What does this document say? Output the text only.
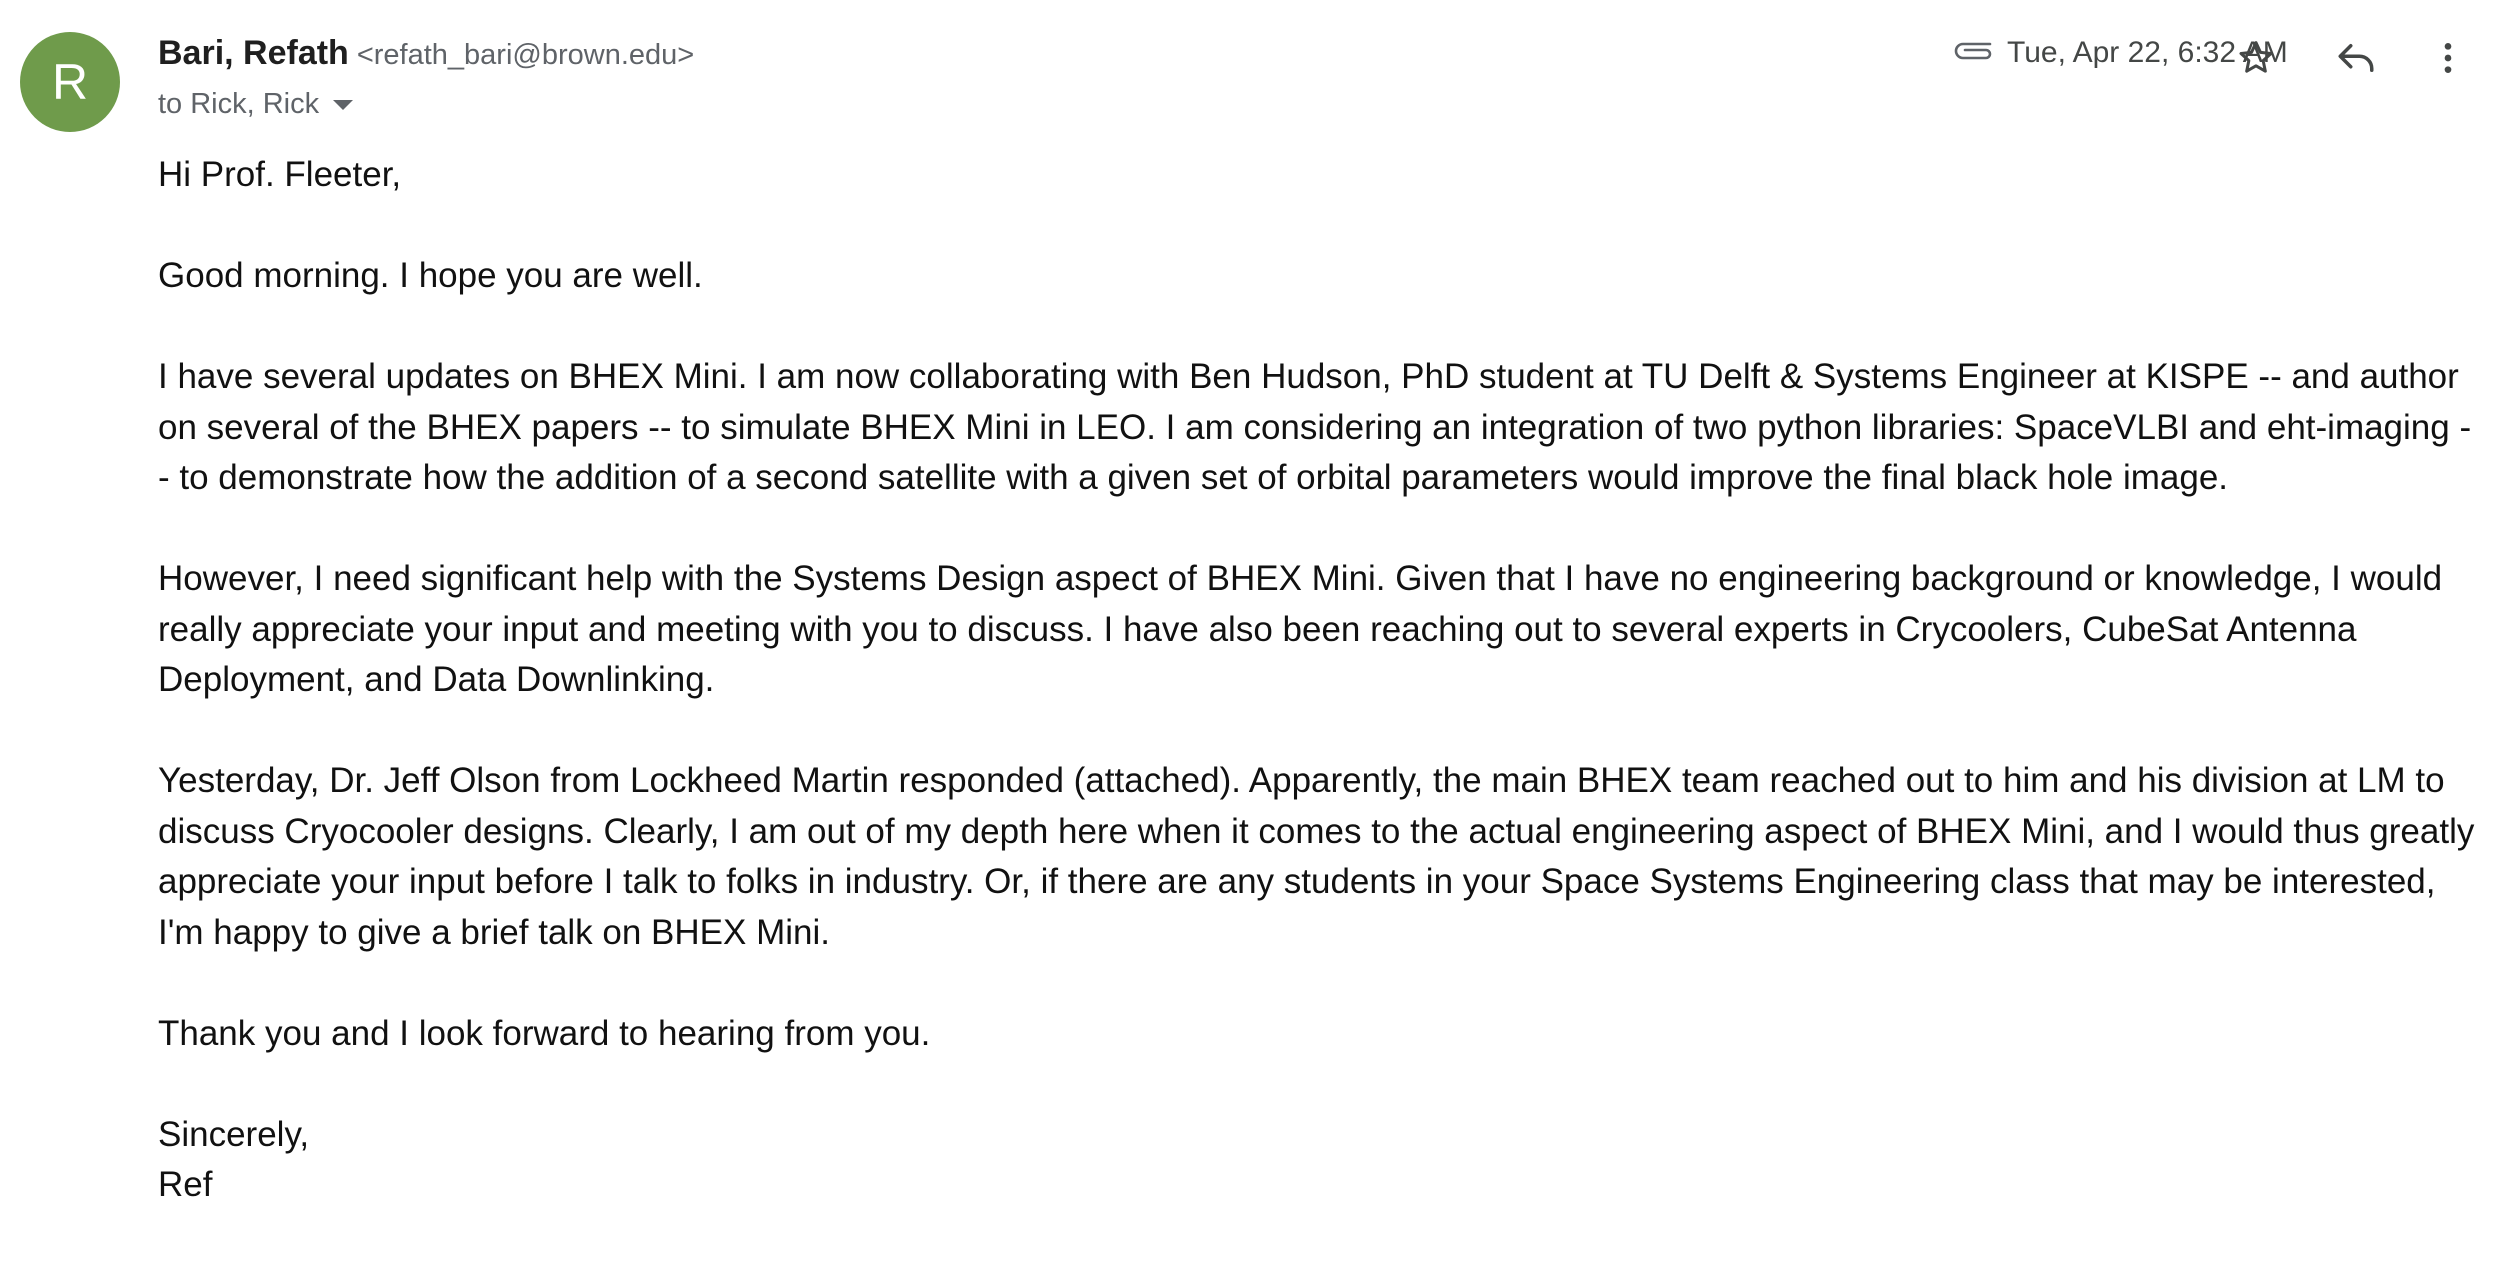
R
Bari, Refath <refath_bari@brown.edu>
to Rick, Rick
Tue, Apr 22, 6:32 AM

Hi Prof. Fleeter,

Good morning. I hope you are well.

I have several updates on BHEX Mini. I am now collaborating with Ben Hudson, PhD student at TU Delft & Systems Engineer at KISPE -- and author on several of the BHEX papers -- to simulate BHEX Mini in LEO. I am considering an integration of two python libraries: SpaceVLBI and eht-imaging -- to demonstrate how the addition of a second satellite with a given set of orbital parameters would improve the final black hole image.

However, I need significant help with the Systems Design aspect of BHEX Mini. Given that I have no engineering background or knowledge, I would really appreciate your input and meeting with you to discuss. I have also been reaching out to several experts in Crycoolers, CubeSat Antenna Deployment, and Data Downlinking.

Yesterday, Dr. Jeff Olson from Lockheed Martin responded (attached). Apparently, the main BHEX team reached out to him and his division at LM to discuss Cryocooler designs. Clearly, I am out of my depth here when it comes to the actual engineering aspect of BHEX Mini, and I would thus greatly appreciate your input before I talk to folks in industry. Or, if there are any students in your Space Systems Engineering class that may be interested, I'm happy to give a brief talk on BHEX Mini.

Thank you and I look forward to hearing from you.

Sincerely,

Ref
